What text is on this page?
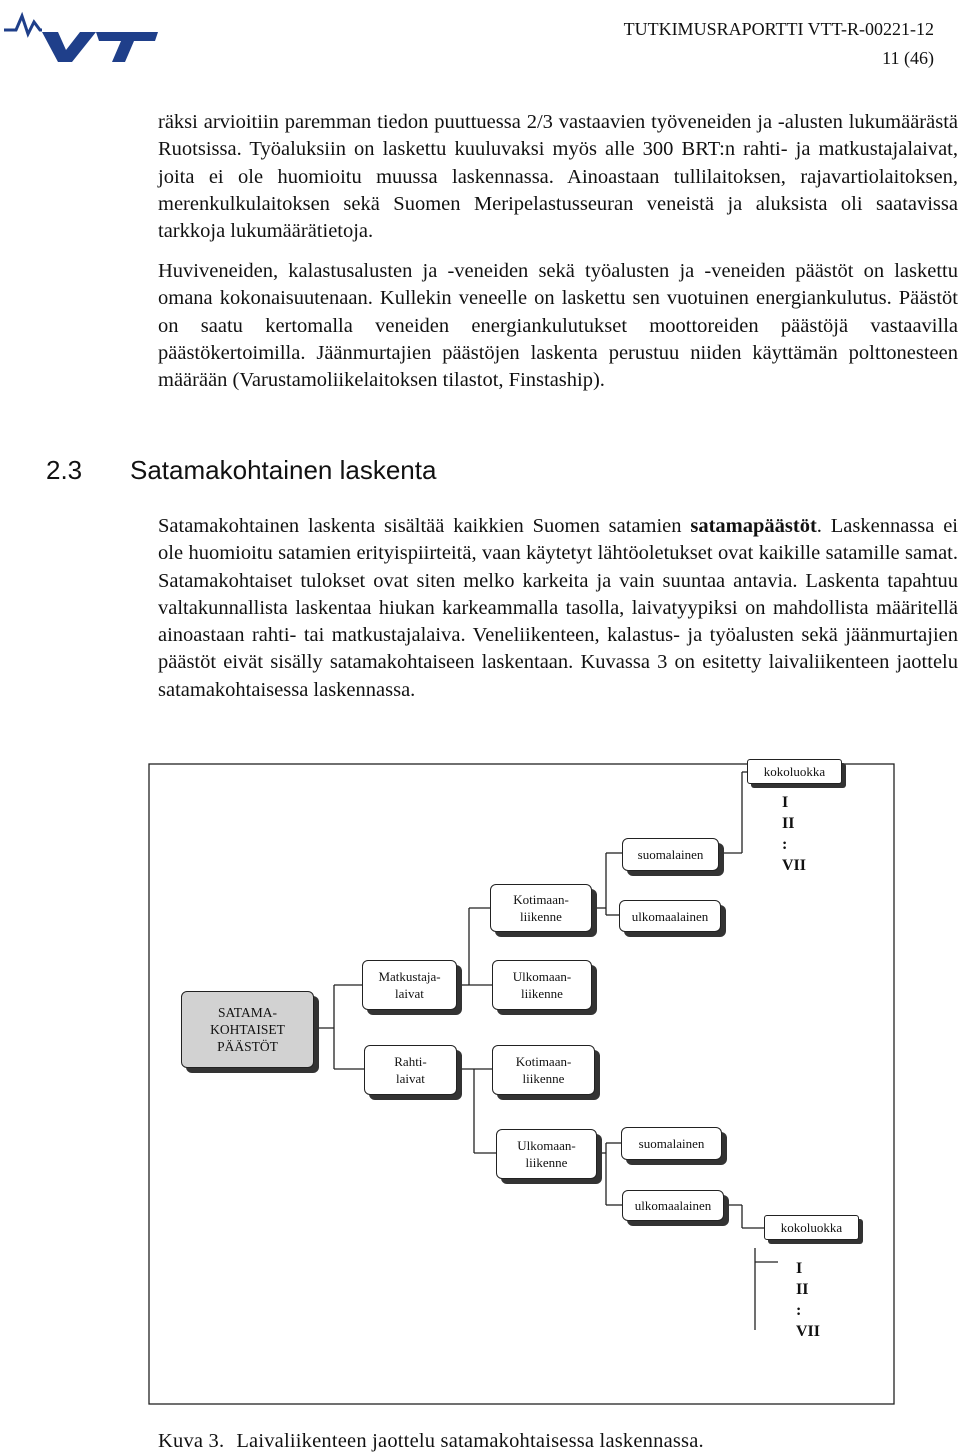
TUTKIMUSRAPORTTI VTT-R-00221-12
11 (46)

räksi arvioitiin paremman tiedon puuttuessa 2/3 vastaavien työveneiden ja -alusten lukumäärästä Ruotsissa. Työaluksiin on laskettu kuuluvaksi myös alle 300 BRT:n rahti- ja matkustajalaivat, joita ei ole huomioitu muussa laskennassa. Ainoastaan tullilaitoksen, rajavartiolaitoksen, merenkulkulaitoksen sekä Suomen Meripelastusseuran veneistä ja aluksista oli saatavissa tarkkoja lukumäärätietoja.

Huviveneiden, kalastusalusten ja -veneiden sekä työalusten ja -veneiden päästöt on laskettu omana kokonaisuutenaan. Kullekin veneelle on laskettu sen vuotuinen energiankulutus. Päästöt on saatu kertomalla veneiden energiankulutukset moottoreiden päästöjä vastaavilla päästökertoimilla. Jäänmurtajien päästöjen laskenta perustuu niiden käyttämän polttonesteen määrään (Varustamoliikelaitoksen tilastot, Finstaship).

2.3 Satamakohtainen laskenta

Satamakohtainen laskenta sisältää kaikkien Suomen satamien satamapäästöt. Laskennassa ei ole huomioitu satamien erityispiirteitä, vaan käytetyt lähtöoletukset ovat kaikille satamille samat. Satamakohtaiset tulokset ovat siten melko karkeita ja vain suuntaa antavia. Laskenta tapahtuu valtakunnallista laskentaa hiukan karkeammalla tasolla, laivatyypiksi on mahdollista määritellä ainoastaan rahti- tai matkustajalaiva. Veneliikenteen, kalastus- ja työalusten sekä jäänmurtajien päästöt eivät sisälly satamakohtaiseen laskentaan. Kuvassa 3 on esitetty laivaliikenteen jaottelu satamakohtaisessa laskennassa.

SATAMA-
KOHTAISET
PÄÄSTÖT
Matkustaja-
laivat
Rahti-
laivat
Kotimaan-
liikenne
Ulkomaan-
liikenne
Kotimaan-
liikenne
Ulkomaan-
liikenne
suomalainen
ulkomaalainen
suomalainen
ulkomaalainen
kokoluokka
kokoluokka
I
II
:
VII
I
II
:
VII

Kuva 3. Laivaliikenteen jaottelu satamakohtaisessa laskennassa.
